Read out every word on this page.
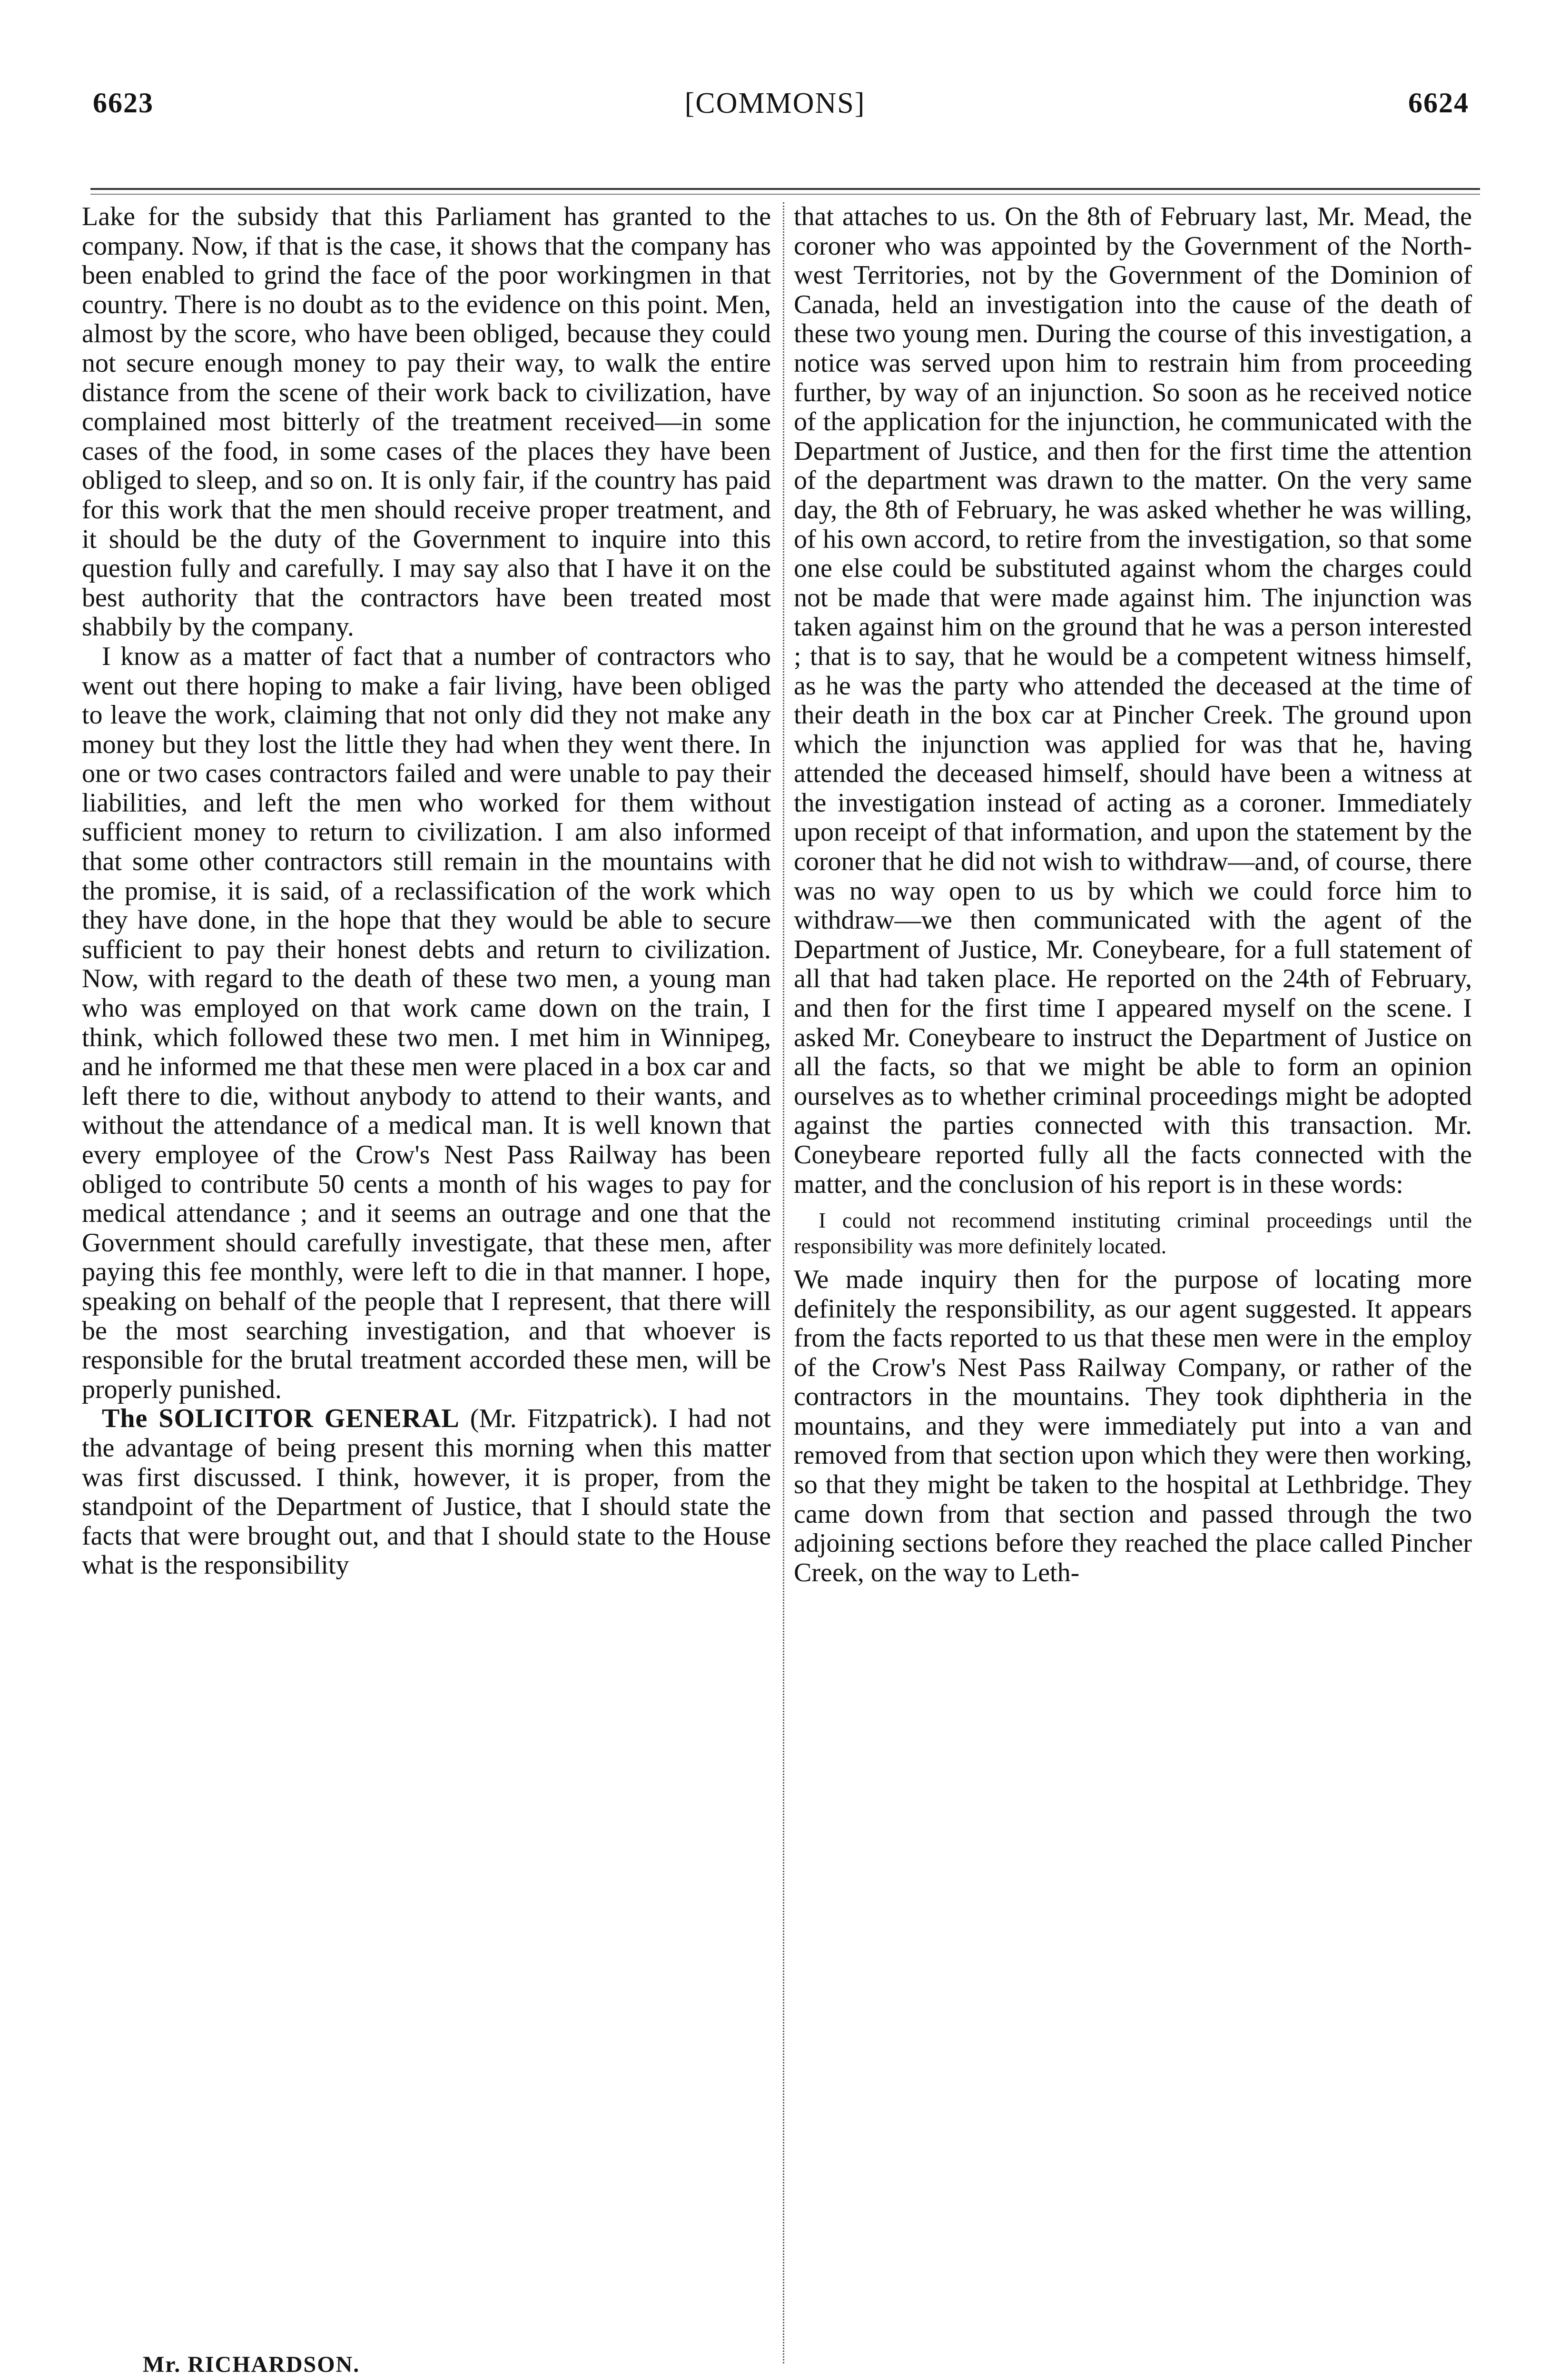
6623	[COMMONS]	6624

Lake for the subsidy that this Parliament has granted to the company. Now, if that is the case, it shows that the company has been enabled to grind the face of the poor workingmen in that country. There is no doubt as to the evidence on this point. Men, almost by the score, who have been obliged, because they could not secure enough money to pay their way, to walk the entire distance from the scene of their work back to civilization, have complained most bitterly of the treatment received—in some cases of the food, in some cases of the places they have been obliged to sleep, and so on. It is only fair, if the country has paid for this work that the men should receive proper treatment, and it should be the duty of the Government to inquire into this question fully and carefully. I may say also that I have it on the best authority that the contractors have been treated most shabbily by the company.

I know as a matter of fact that a number of contractors who went out there hoping to make a fair living, have been obliged to leave the work, claiming that not only did they not make any money but they lost the little they had when they went there. In one or two cases contractors failed and were unable to pay their liabilities, and left the men who worked for them without sufficient money to return to civilization. I am also informed that some other contractors still remain in the mountains with the promise, it is said, of a reclassification of the work which they have done, in the hope that they would be able to secure sufficient to pay their honest debts and return to civilization. Now, with regard to the death of these two men, a young man who was employed on that work came down on the train, I think, which followed these two men. I met him in Winnipeg, and he informed me that these men were placed in a box car and left there to die, without anybody to attend to their wants, and without the attendance of a medical man. It is well known that every employee of the Crow's Nest Pass Railway has been obliged to contribute 50 cents a month of his wages to pay for medical attendance ; and it seems an outrage and one that the Government should carefully investigate, that these men, after paying this fee monthly, were left to die in that manner. I hope, speaking on behalf of the people that I represent, that there will be the most searching investigation, and that whoever is responsible for the brutal treatment accorded these men, will be properly punished.

The SOLICITOR GENERAL (Mr. Fitzpatrick). I had not the advantage of being present this morning when this matter was first discussed. I think, however, it is proper, from the standpoint of the Department of Justice, that I should state the facts that were brought out, and that I should state to the House what is the responsibility

that attaches to us. On the 8th of February last, Mr. Mead, the coroner who was appointed by the Government of the North-west Territories, not by the Government of the Dominion of Canada, held an investigation into the cause of the death of these two young men. During the course of this investigation, a notice was served upon him to restrain him from proceeding further, by way of an injunction. So soon as he received notice of the application for the injunction, he communicated with the Department of Justice, and then for the first time the attention of the department was drawn to the matter. On the very same day, the 8th of February, he was asked whether he was willing, of his own accord, to retire from the investigation, so that some one else could be substituted against whom the charges could not be made that were made against him. The injunction was taken against him on the ground that he was a person interested ; that is to say, that he would be a competent witness himself, as he was the party who attended the deceased at the time of their death in the box car at Pincher Creek. The ground upon which the injunction was applied for was that he, having attended the deceased himself, should have been a witness at the investigation instead of acting as a coroner. Immediately upon receipt of that information, and upon the statement by the coroner that he did not wish to withdraw—and, of course, there was no way open to us by which we could force him to withdraw—we then communicated with the agent of the Department of Justice, Mr. Coneybeare, for a full statement of all that had taken place. He reported on the 24th of February, and then for the first time I appeared myself on the scene. I asked Mr. Coneybeare to instruct the Department of Justice on all the facts, so that we might be able to form an opinion ourselves as to whether criminal proceedings might be adopted against the parties connected with this transaction. Mr. Coneybeare reported fully all the facts connected with the matter, and the conclusion of his report is in these words:

I could not recommend instituting criminal proceedings until the responsibility was more definitely located.

We made inquiry then for the purpose of locating more definitely the responsibility, as our agent suggested. It appears from the facts reported to us that these men were in the employ of the Crow's Nest Pass Railway Company, or rather of the contractors in the mountains. They took diphtheria in the mountains, and they were immediately put into a van and removed from that section upon which they were then working, so that they might be taken to the hospital at Lethbridge. They came down from that section and passed through the two adjoining sections before they reached the place called Pincher Creek, on the way to Leth-

Mr. RICHARDSON.
